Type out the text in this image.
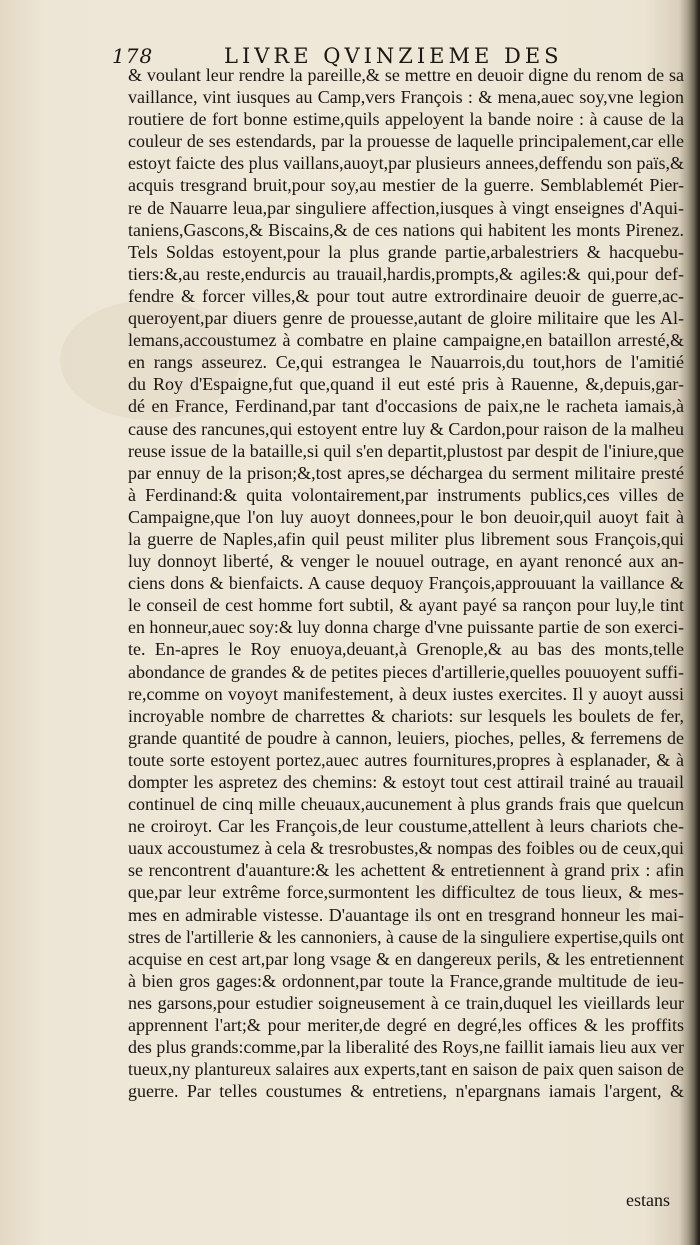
178	LIVRE QVINZIEME DES
& voulant leur rendre la pareille,& se mettre en deuoir digne du renom de sa
vaillance, vint iusques au Camp,vers François : & mena,auec soy,vne legion
routiere de fort bonne estime,quils appeloyent la bande noire : à cause de la
couleur de ses estendards, par la prouesse de laquelle principalement,car elle
estoyt faicte des plus vaillans,auoyt,par plusieurs annees,deffendu son païs,&
acquis tresgrand bruit,pour soy,au mestier de la guerre. Semblablemét Pier-
re de Nauarre leua,par singuliere affection,iusques à vingt enseignes d'Aqui-
taniens,Gascons,& Biscains,& de ces nations qui habitent les monts Pirenez.
Tels Soldas estoyent,pour la plus grande partie,arbalestriers & hacquebu-
tiers:&,au reste,endurcis au trauail,hardis,prompts,& agiles:& qui,pour def-
fendre & forcer villes,& pour tout autre extrordinaire deuoir de guerre,ac-
queroyent,par diuers genre de prouesse,autant de gloire militaire que les Al-
lemans,accoustumez à combatre en plaine campaigne,en bataillon arresté,&
en rangs asseurez. Ce,qui estrangea le Nauarrois,du tout,hors de l'amitié
du Roy d'Espaigne,fut que,quand il eut esté pris à Rauenne, &,depuis,gar-
dé en France, Ferdinand,par tant d'occasions de paix,ne le racheta iamais,à
cause des rancunes,qui estoyent entre luy & Cardon,pour raison de la malheu
reuse issue de la bataille,si quil s'en departit,plustost par despit de l'iniure,que
par ennuy de la prison;&,tost apres,se déchargea du serment militaire presté
à Ferdinand:& quita volontairement,par instruments publics,ces villes de
Campaigne,que l'on luy auoyt donnees,pour le bon deuoir,quil auoyt fait à
la guerre de Naples,afin quil peust militer plus librement sous François,qui
luy donnoyt liberté, & venger le nouuel outrage, en ayant renoncé aux an-
ciens dons & bienfaicts. A cause dequoy François,approuuant la vaillance &
le conseil de cest homme fort subtil, & ayant payé sa rançon pour luy,le tint
en honneur,auec soy:& luy donna charge d'vne puissante partie de son exerci-
te. En-apres le Roy enuoya,deuant,à Grenople,& au bas des monts,telle
abondance de grandes & de petites pieces d'artillerie,quelles pouuoyent suffi-
re,comme on voyoyt manifestement, à deux iustes exercites. Il y auoyt aussi
incroyable nombre de charrettes & chariots: sur lesquels les boulets de fer,
grande quantité de poudre à cannon, leuiers, pioches, pelles, & ferremens de
toute sorte estoyent portez,auec autres fournitures,propres à esplanader, & à
dompter les aspretez des chemins: & estoyt tout cest attirail trainé au trauail
continuel de cinq mille cheuaux,aucunement à plus grands frais que quelcun
ne croiroyt. Car les François,de leur coustume,attellent à leurs chariots che-
uaux accoustumez à cela & tresrobustes,& nompas des foibles ou de ceux,qui
se rencontrent d'auanture:& les achettent & entretiennent à grand prix : afin
que,par leur extrême force,surmontent les difficultez de tous lieux, & mes-
mes en admirable vistesse. D'auantage ils ont en tresgrand honneur les mai-
stres de l'artillerie & les cannoniers, à cause de la singuliere expertise,quils ont
acquise en cest art,par long vsage & en dangereux perils, & les entretiennent
à bien gros gages:& ordonnent,par toute la France,grande multitude de ieu-
nes garsons,pour estudier soigneusement à ce train,duquel les vieillards leur
apprennent l'art;& pour meriter,de degré en degré,les offices & les proffits
des plus grands:comme,par la liberalité des Roys,ne faillit iamais lieu aux ver
tueux,ny plantureux salaires aux experts,tant en saison de paix quen saison de
guerre. Par telles coustumes & entretiens, n'epargnans iamais l'argent, &
estans
